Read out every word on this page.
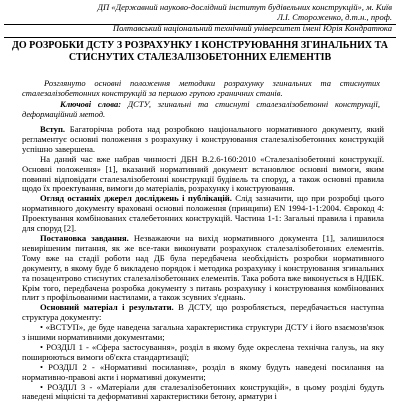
ДП «Державний науково-дослідний інститут будівельних конструкцій», м. Київ
Л.І. Стороженко, д.т.н., проф.
Полтавський національний технічний університет імені Юрія Кондратюка
ДО РОЗРОБКИ ДСТУ З РОЗРАХУНКУ І КОНСТРУЮВАННЯ ЗГИНАЛЬНИХ ТА СТИСНУТИХ СТАЛЕЗАЛІЗОБЕТОННИХ ЕЛЕМЕНТІВ
Розглянуто основні положення методики розрахунку згинальних та стиснутих сталезалізобетонних конструкцій за першою групою граничних станів.
Ключові слова: ДСТУ, згинальні та стиснуті сталезалізобетонні конструкції, деформаційний метод.

Вступ. Багаторічна робота над розробкою національного нормативного документу, який регламентує основні положення з розрахунку і конструювання сталезалізобетонних конструкцій успішно завершена.

На даний час вже набрав чинності ДБН В.2.6-160:2010 «Сталезалізобетонні конструкції. Основні положення» [1], вказаний нормативний документ встановлює основні вимоги, яким повинні відповідати сталезалізобетонні конструкції будівель та споруд, а також основні правила щодо їх проектування, вимоги до матеріалів, розрахунку і конструювання.

Огляд останніх джерел досліджень і публікацій. Слід зазначити, що при розробці цього нормативного документу враховані основні положення (принципи) EN 1994-1-1:2004. Єврокод 4: Проектування комбінованих сталебетонних конструкцій. Частина 1-1: Загальні правила і правила для споруд [2].

Постановка завдання. Незважаючи на вихід нормативного документа [1], залишилося невирішеним питання, як же все-таки виконувати розрахунок сталезалізобетонних елементів. Тому вже на стадії роботи над ДБ була передбачена необхідність розробки нормативного документу, в якому буде б викладено порядок і методика розрахунку і конструювання згинальних та позацентрово стиснутих сталезалізобетонних елементів. Така робота вже виконується в НДІБК. Крім того, передбачена розробка документу з питань розрахунку і конструювання комбінованих плит з профільованими настилами, а також зсувних з'єднань.

Основний матеріал і результати. В ДСТУ, що розробляється, передбачається наступна структура документу:

• «ВСТУП», де буде наведена загальна характеристика структури ДСТУ і його взаємозв'язок з іншими нормативними документами;
• РОЗДІЛ 1 - «Сфера застосування», розділ в якому буде окреслена технічна галузь, на яку поширюються вимоги об'єкта стандартизації;
• РОЗДІЛ 2 - «Нормативні посилання», розділ в якому будуть наведені посилання на нормативно-правові акти і нормативні документи;
• РОЗДІЛ 3 - «Матеріали для сталезалізобетонних конструкцій», в цьому розділі будуть наведені міцнісні та деформативні характеристики бетону, арматури і
